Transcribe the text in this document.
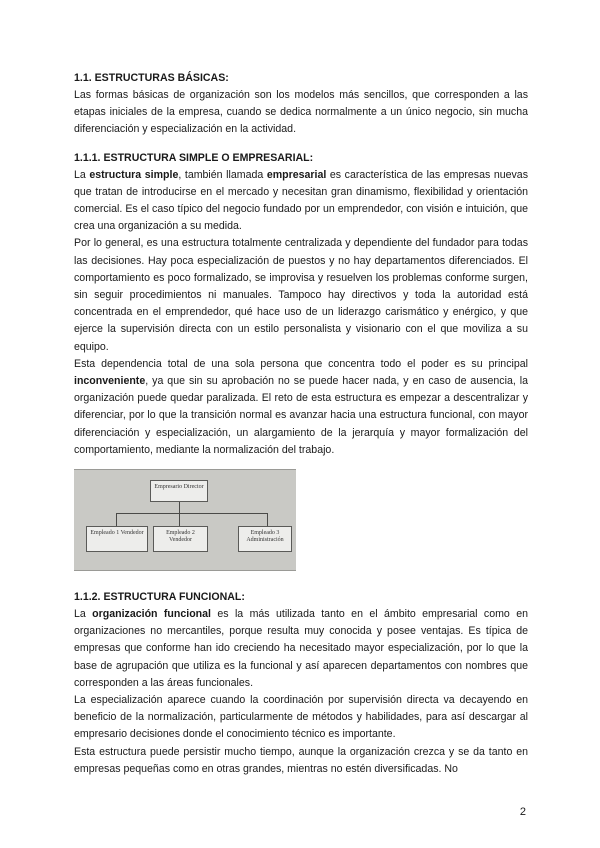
1.1. ESTRUCTURAS BÁSICAS:

Las formas básicas de organización son los modelos más sencillos, que corresponden a las etapas iniciales de la empresa, cuando se dedica normalmente a un único negocio, sin mucha diferenciación y especialización en la actividad.

1.1.1. ESTRUCTURA SIMPLE O EMPRESARIAL:

La estructura simple, también llamada empresarial es característica de las empresas nuevas que tratan de introducirse en el mercado y necesitan gran dinamismo, flexibilidad y orientación comercial. Es el caso típico del negocio fundado por un emprendedor, con visión e intuición, que crea una organización a su medida.

Por lo general, es una estructura totalmente centralizada y dependiente del fundador para todas las decisiones. Hay poca especialización de puestos y no hay departamentos diferenciados. El comportamiento es poco formalizado, se improvisa y resuelven los problemas conforme surgen, sin seguir procedimientos ni manuales. Tampoco hay directivos y toda la autoridad está concentrada en el emprendedor, qué hace uso de un liderazgo carismático y enérgico, y que ejerce la supervisión directa con un estilo personalista y visionario con el que moviliza a su equipo.

Esta dependencia total de una sola persona que concentra todo el poder es su principal inconveniente, ya que sin su aprobación no se puede hacer nada, y en caso de ausencia, la organización puede quedar paralizada. El reto de esta estructura es empezar a descentralizar y diferenciar, por lo que la transición normal es avanzar hacia una estructura funcional, con mayor diferenciación y especialización, un alargamiento de la jerarquía y mayor formalización del comportamiento, mediante la normalización del trabajo.

Empresario Director
Empleado 1 Vendedor	Empleado 2 Vendedor
Empleado 3 Administración

1.1.2. ESTRUCTURA FUNCIONAL:

La organización funcional es la más utilizada tanto en el ámbito empresarial como en organizaciones no mercantiles, porque resulta muy conocida y posee ventajas. Es típica de empresas que conforme han ido creciendo ha necesitado mayor especialización, por lo que la base de agrupación que utiliza es la funcional y así aparecen departamentos con nombres que corresponden a las áreas funcionales.

La especialización aparece cuando la coordinación por supervisión directa va decayendo en beneficio de la normalización, particularmente de métodos y habilidades, para así descargar al empresario decisiones donde el conocimiento técnico es importante.

Esta estructura puede persistir mucho tiempo, aunque la organización crezca y se da tanto en empresas pequeñas como en otras grandes, mientras no estén diversificadas. No

2
